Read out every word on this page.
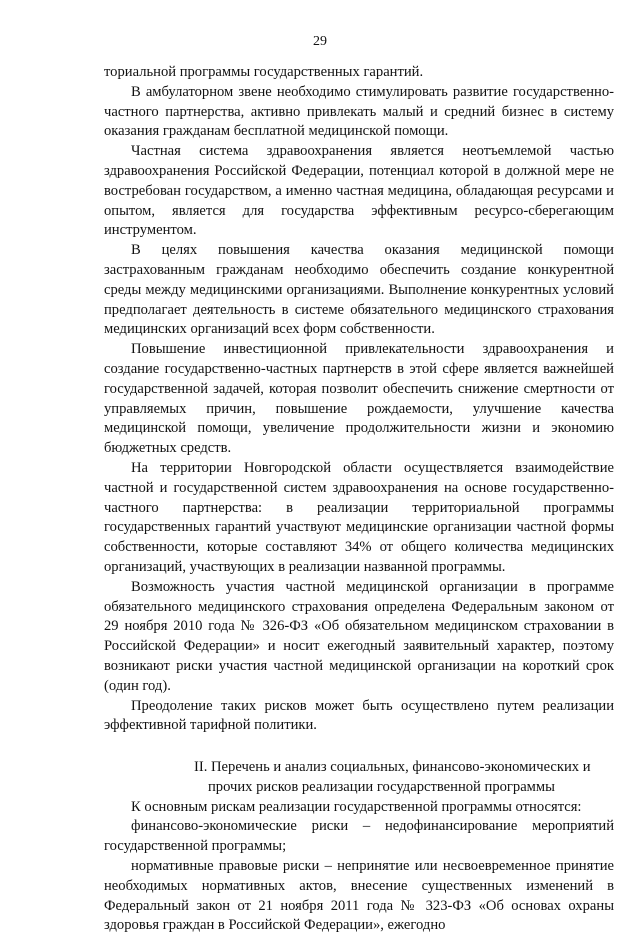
29

ториальной программы государственных гарантий.

В амбулаторном звене необходимо стимулировать развитие государственно-частного партнерства, активно привлекать малый и средний бизнес в систему оказания гражданам бесплатной медицинской помощи.

Частная система здравоохранения является неотъемлемой частью здравоохранения Российской Федерации, потенциал которой в должной мере не востребован государством, а именно частная медицина, обладающая ресурсами и опытом, является для государства эффективным ресурсо-сберегающим инструментом.

В целях повышения качества оказания медицинской помощи застрахованным гражданам необходимо обеспечить создание конкурентной среды между медицинскими организациями. Выполнение конкурентных условий предполагает деятельность в системе обязательного медицинского страхования медицинских организаций всех форм собственности.

Повышение инвестиционной привлекательности здравоохранения и создание государственно-частных партнерств в этой сфере является важнейшей государственной задачей, которая позволит обеспечить снижение смертности от управляемых причин, повышение рождаемости, улучшение качества медицинской помощи, увеличение продолжительности жизни и экономию бюджетных средств.

На территории Новгородской области осуществляется взаимодействие частной и государственной систем здравоохранения на основе государственно-частного партнерства: в реализации территориальной программы государственных гарантий участвуют медицинские организации частной формы собственности, которые составляют 34% от общего количества медицинских организаций, участвующих в реализации названной программы.

Возможность участия частной медицинской организации в программе обязательного медицинского страхования определена Федеральным законом от 29 ноября 2010 года № 326-ФЗ «Об обязательном медицинском страховании в Российской Федерации» и носит ежегодный заявительный характер, поэтому возникают риски участия частной медицинской организации на короткий срок (один год).

Преодоление таких рисков может быть осуществлено путем реализации эффективной тарифной политики.

II. Перечень и анализ социальных, финансово-экономических и
прочих рисков реализации государственной программы

К основным рискам реализации государственной программы относятся:

финансово-экономические риски – недофинансирование мероприятий государственной программы;

нормативные правовые риски – непринятие или несвоевременное принятие необходимых нормативных актов, внесение существенных изменений в Федеральный закон от 21 ноября 2011 года № 323-ФЗ «Об основах охраны здоровья граждан в Российской Федерации», ежегодно
